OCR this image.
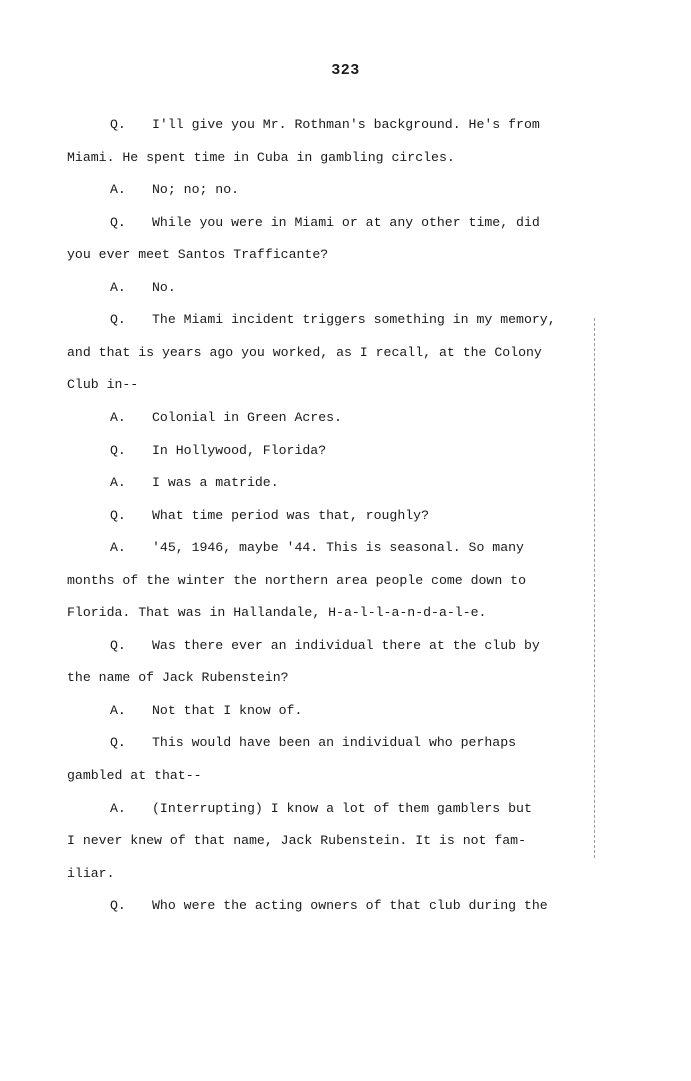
323
Q. I'll give you Mr. Rothman's background. He's from
Miami. He spent time in Cuba in gambling circles.
A. No; no; no.
Q. While you were in Miami or at any other time, did
you ever meet Santos Trafficante?
A. No.
Q. The Miami incident triggers something in my memory,
and that is years ago you worked, as I recall, at the Colony
Club in--
A. Colonial in Green Acres.
Q. In Hollywood, Florida?
A. I was a matride.
Q. What time period was that, roughly?
A. '45, 1946, maybe '44. This is seasonal. So many
months of the winter the northern area people come down to
Florida. That was in Hallandale, H-a-l-l-a-n-d-a-l-e.
Q. Was there ever an individual there at the club by
the name of Jack Rubenstein?
A. Not that I know of.
Q. This would have been an individual who perhaps
gambled at that--
A. (Interrupting) I know a lot of them gamblers but
I never knew of that name, Jack Rubenstein. It is not fam-
iliar.
Q. Who were the acting owners of that club during the
